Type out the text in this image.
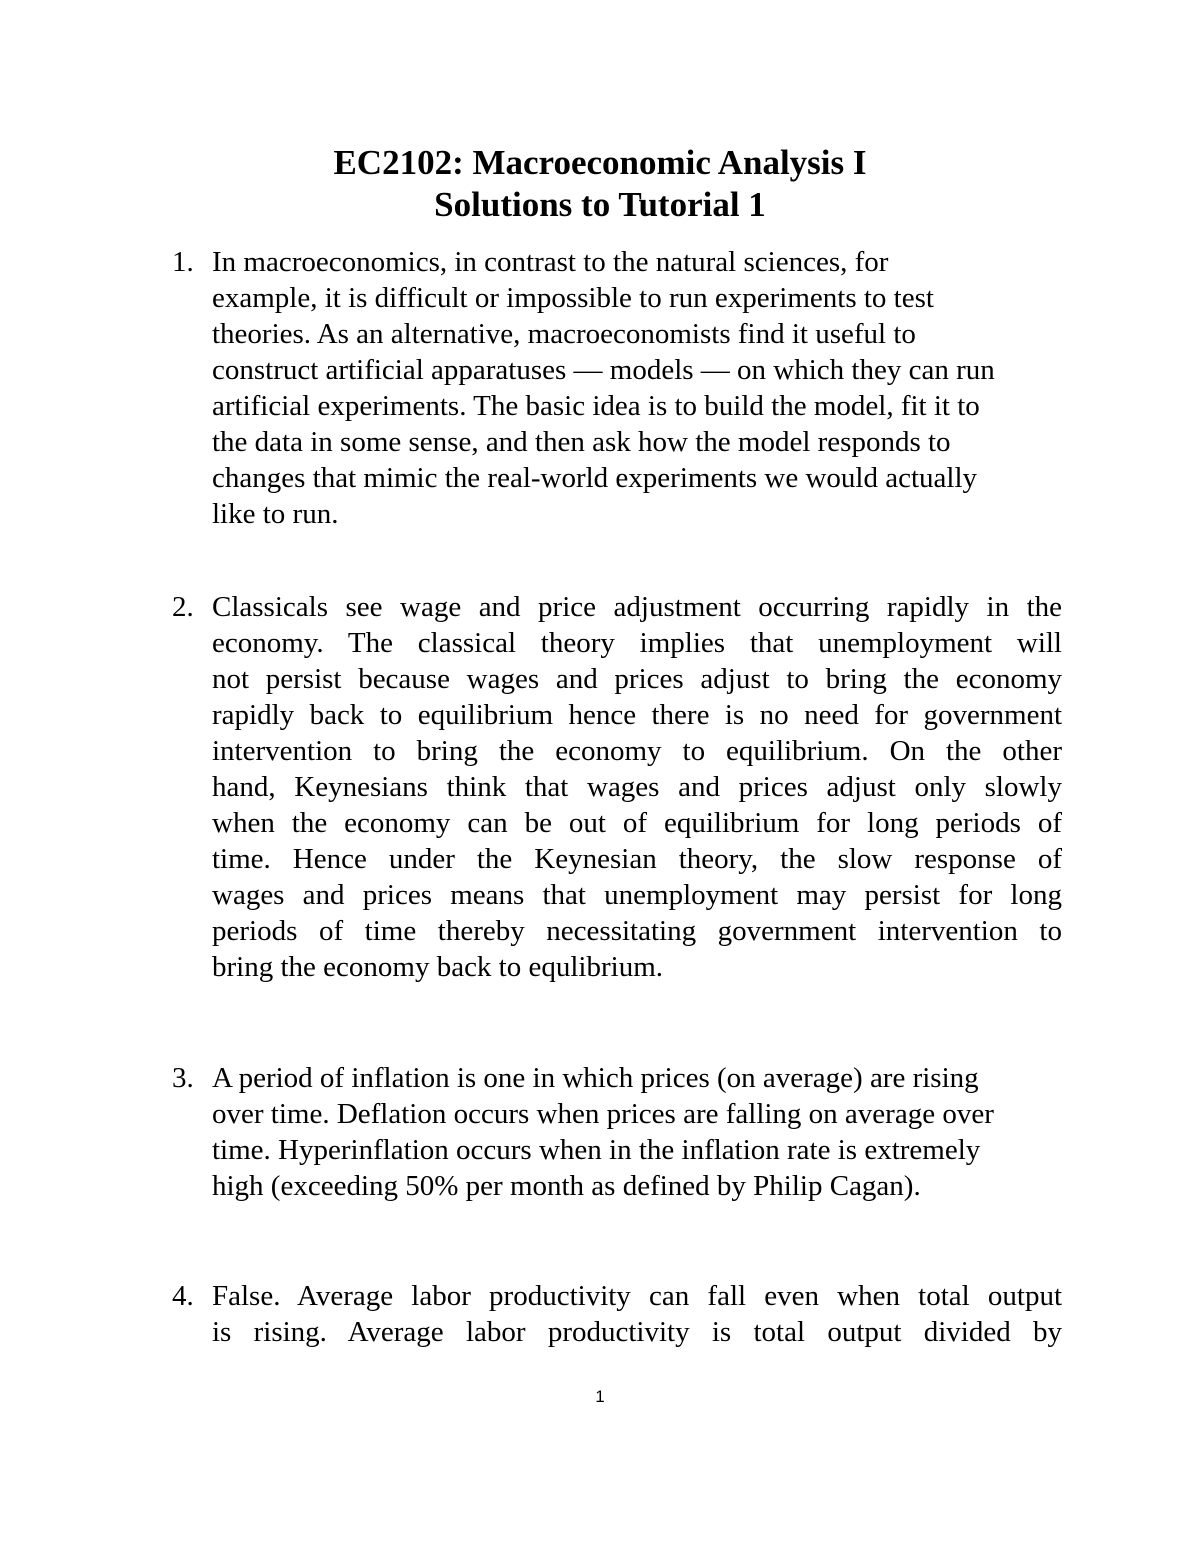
EC2102: Macroeconomic Analysis I
Solutions to Tutorial 1
1. In macroeconomics, in contrast to the natural sciences, for
example, it is difficult or impossible to run experiments to test
theories. As an alternative, macroeconomists find it useful to
construct artificial apparatuses — models — on which they can run
artificial experiments. The basic idea is to build the model, fit it to
the data in some sense, and then ask how the model responds to
changes that mimic the real-world experiments we would actually
like to run.
2. Classicals see wage and price adjustment occurring rapidly in the
economy. The classical theory implies that unemployment will
not persist because wages and prices adjust to bring the economy
rapidly back to equilibrium hence there is no need for government
intervention to bring the economy to equilibrium. On the other
hand, Keynesians think that wages and prices adjust only slowly
when the economy can be out of equilibrium for long periods of
time. Hence under the Keynesian theory, the slow response of
wages and prices means that unemployment may persist for long
periods of time thereby necessitating government intervention to
bring the economy back to equlibrium.
3. A period of inflation is one in which prices (on average) are rising
over time. Deflation occurs when prices are falling on average over
time. Hyperinflation occurs when in the inflation rate is extremely
high (exceeding 50% per month as defined by Philip Cagan).
4. False. Average labor productivity can fall even when total output
is rising. Average labor productivity is total output divided by
1
